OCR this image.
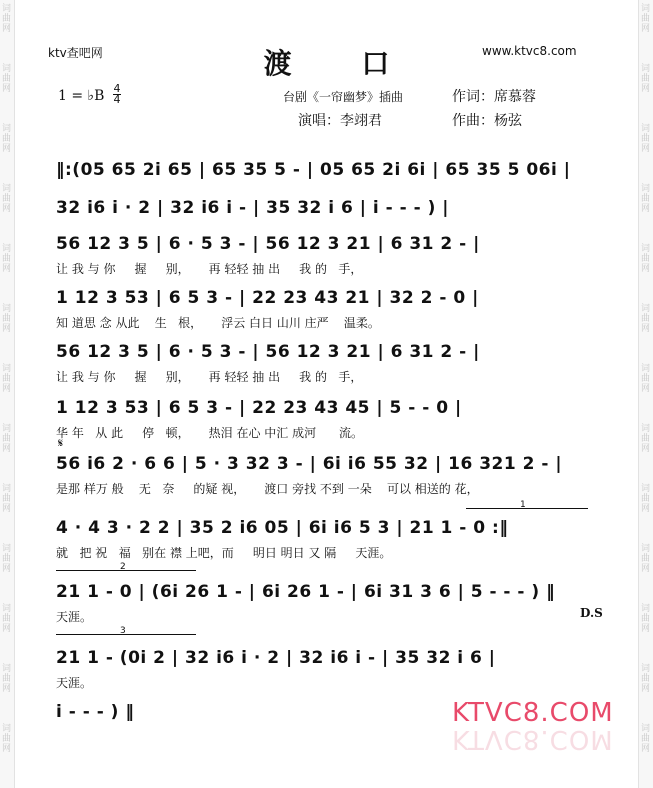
ktv查吧网	www.ktvc8.com
渡 口
1 = ♭B 4
4	台剧《一帘幽梦》插曲	作词：席慕蓉
演唱：李翊君	作曲：杨弦
‖:(05 65 2i 65 | 65 35 5 - | 05 65 2i 6i | 65 35 5 06i |
32 i6 i · 2 | 32 i6 i - | 35 32 i 6 | i - - - ) |
56 12 3 5 | 6 · 5 3 - | 56 12 3 21 | 6 31 2 - |
让 我 与 你     握     别，     再 轻轻 抽 出     我 的   手，
1 12 3 53 | 6 5 3 - | 22 23 43 21 | 32 2 - 0 |
知 道思 念 从此    生   根，     浮云 白日 山川 庄严    温柔。
56 12 3 5 | 6 · 5 3 - | 56 12 3 21 | 6 31 2 - |
让 我 与 你     握     别，     再 轻轻 抽 出     我 的   手，
1 12 3 53 | 6 5 3 - | 22 23 43 45 | 5 - - 0 |
华 年   从 此     停   顿，     热泪 在心 中汇 成河      流。
𝄋
56 i6 2 · 6 6 | 5 · 3 32 3 - | 6i i6 55 32 | 16 321 2 - |
是那 样万 般    无   奈     的疑 视，     渡口 旁找 不到 一朵    可以 相送的 花，
1
4 · 4 3 · 2 2 | 35 2 i6 05 | 6i i6 5 3 | 21 1 - 0 :‖
就   把 祝   福   别在 襟 上吧，而     明日 明日 又 隔     天涯。
2
21 1 - 0 | (6i 26 1 - | 6i 26 1 - | 6i 31 3 6 | 5 - - - ) ‖
天涯。	D.S
3
21 1 - (0i 2 | 32 i6 i · 2 | 32 i6 i - | 35 32 i 6 |
天涯。
i - - - ) ‖	KTVC8.COM
KTVC8.COM
词曲网
词曲网
词曲网
词曲网
词曲网
词曲网
词曲网
词曲网
词曲网
词曲网
词曲网
词曲网
词曲网
词曲网
词曲网
词曲网
词曲网
词曲网
词曲网
词曲网
词曲网
词曲网
词曲网
词曲网
词曲网
词曲网
